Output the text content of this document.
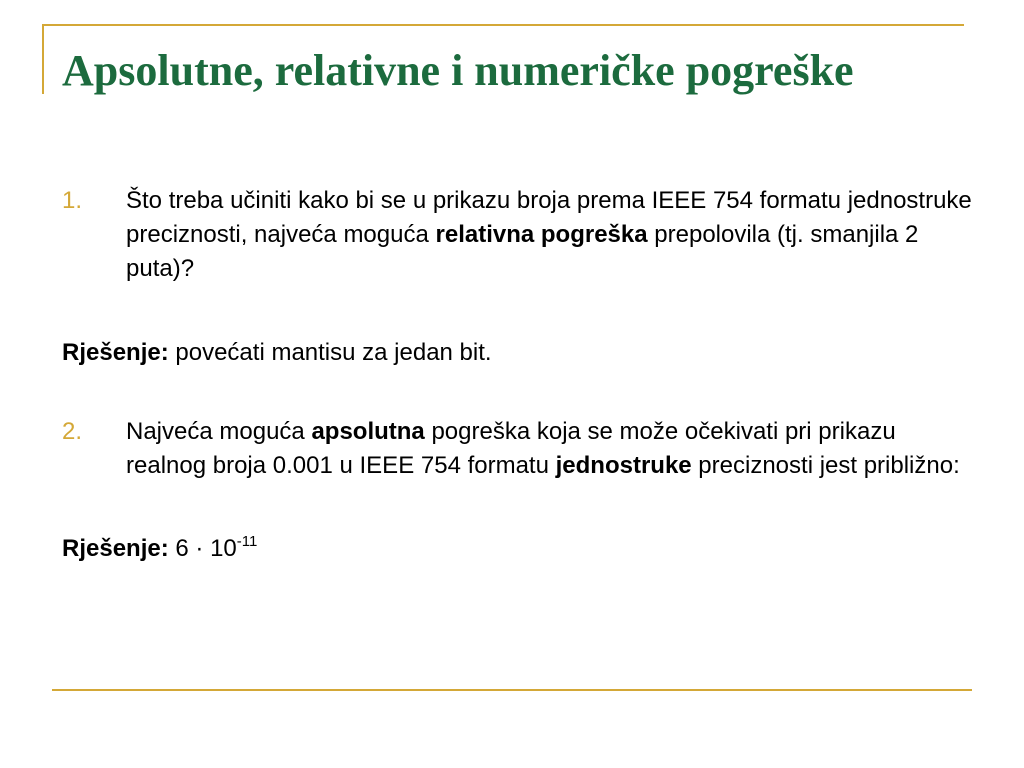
Apsolutne, relativne i numeričke pogreške
1.	Što treba učiniti kako bi se u prikazu broja prema IEEE 754 formatu jednostruke preciznosti, najveća moguća relativna pogreška prepolovila (tj. smanjila 2 puta)?

Rješenje: povećati mantisu za jedan bit.

2.	Najveća moguća apsolutna pogreška koja se može očekivati pri prikazu realnog broja 0.001 u IEEE 754 formatu jednostruke preciznosti jest približno:

Rješenje: $6 \cdot 10^{-11}$
